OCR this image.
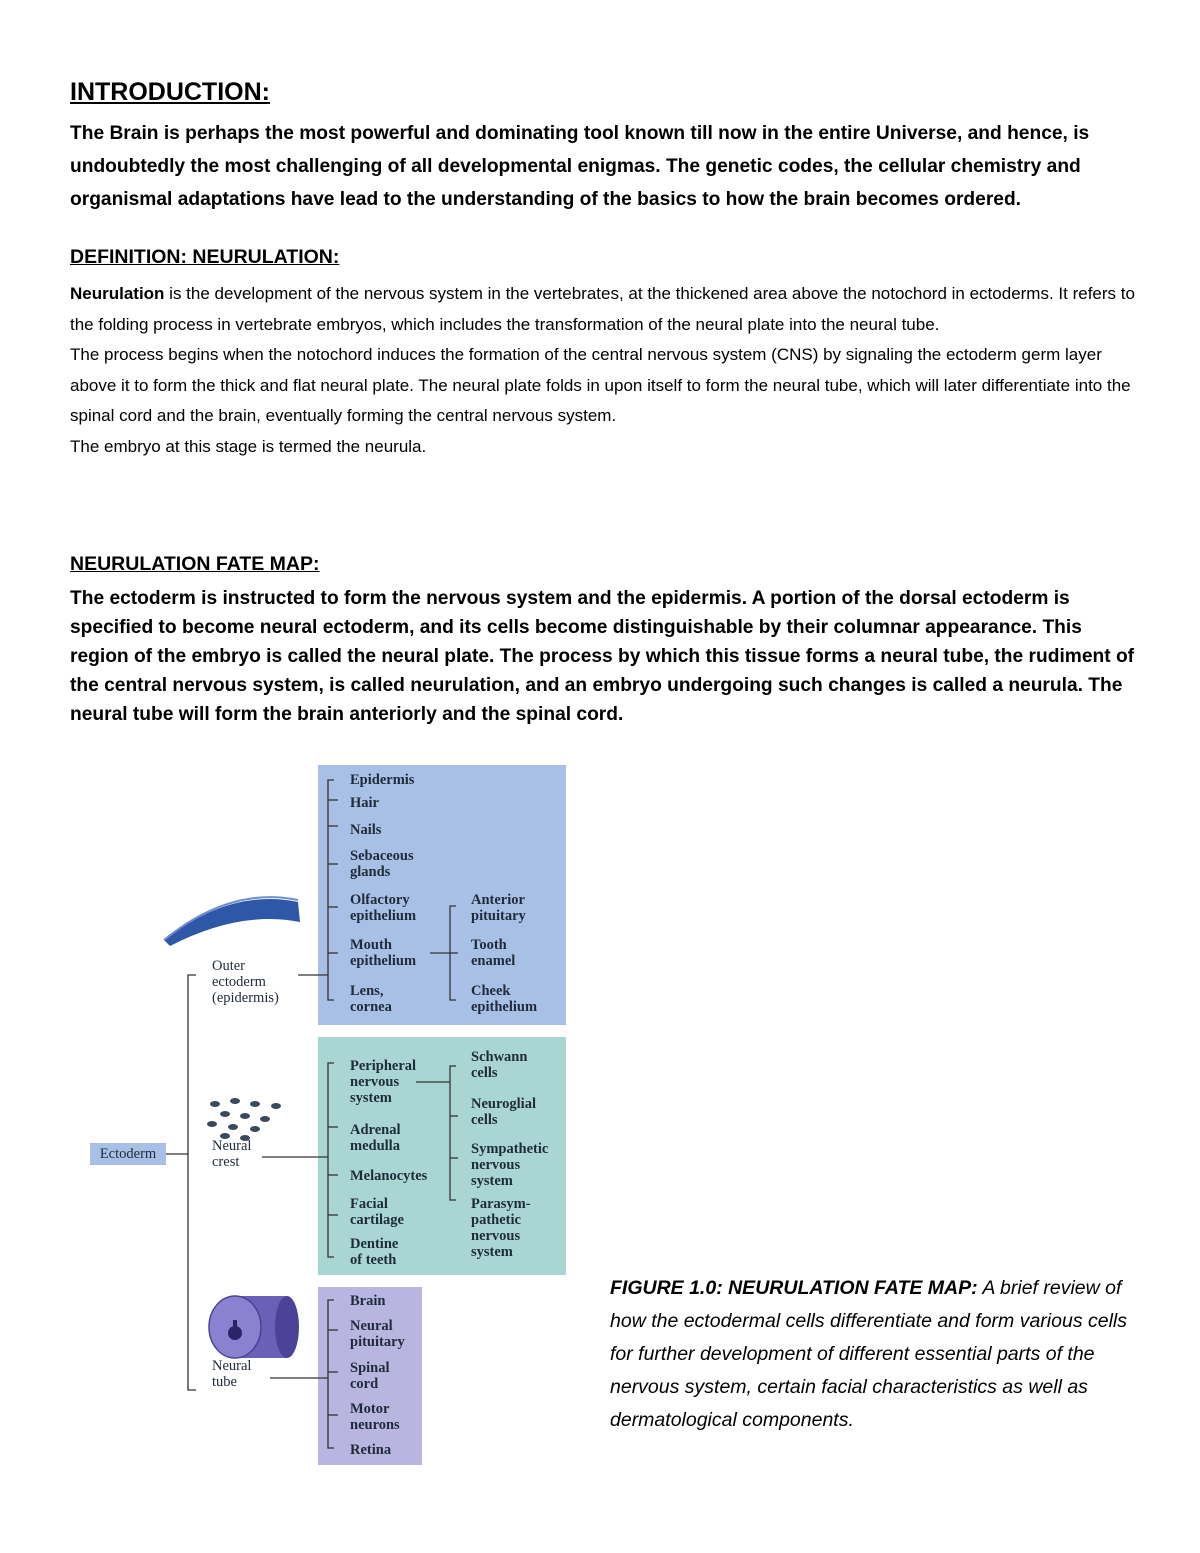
INTRODUCTION:

The Brain is perhaps the most powerful and dominating tool known till now in the entire Universe, and hence, is undoubtedly the most challenging of all developmental enigmas. The genetic codes, the cellular chemistry and organismal adaptations have lead to the understanding of the basics to how the brain becomes ordered.

DEFINITION: NEURULATION:

Neurulation is the development of the nervous system in the vertebrates, at the thickened area above the notochord in ectoderms. It refers to the folding process in vertebrate embryos, which includes the transformation of the neural plate into the neural tube.

The process begins when the notochord induces the formation of the central nervous system (CNS) by signaling the ectoderm germ layer above it to form the thick and flat neural plate. The neural plate folds in upon itself to form the neural tube, which will later differentiate into the spinal cord and the brain, eventually forming the central nervous system.

The embryo at this stage is termed the neurula.

NEURULATION FATE MAP:

The ectoderm is instructed to form the nervous system and the epidermis. A portion of the dorsal ectoderm is specified to become neural ectoderm, and its cells become distinguishable by their columnar appearance. This region of the embryo is called the neural plate. The process by which this tissue forms a neural tube, the rudiment of the central nervous system, is called neurulation, and an embryo undergoing such changes is called a neurula. The neural tube will form the brain anteriorly and the spinal cord.

Ectoderm
Outer
ectoderm
(epidermis)
Neural
crest
Neural
tube
Epidermis
Hair
Nails
Sebaceous
glands
Olfactory
epithelium
Mouth
epithelium
Lens,
cornea
Anterior
pituitary
Tooth
enamel
Cheek
epithelium
Peripheral
nervous
system
Adrenal
medulla
Melanocytes
Facial
cartilage
Dentine
of teeth
Schwann
cells
Neuroglial
cells
Sympathetic
nervous
system
Parasym-
pathetic
nervous
system
Brain
Neural
pituitary
Spinal
cord
Motor
neurons
Retina
FIGURE 1.0: NEURULATION FATE MAP: A brief review of how the ectodermal cells differentiate and form various cells for further development of different essential parts of the nervous system, certain facial characteristics as well as dermatological components.
